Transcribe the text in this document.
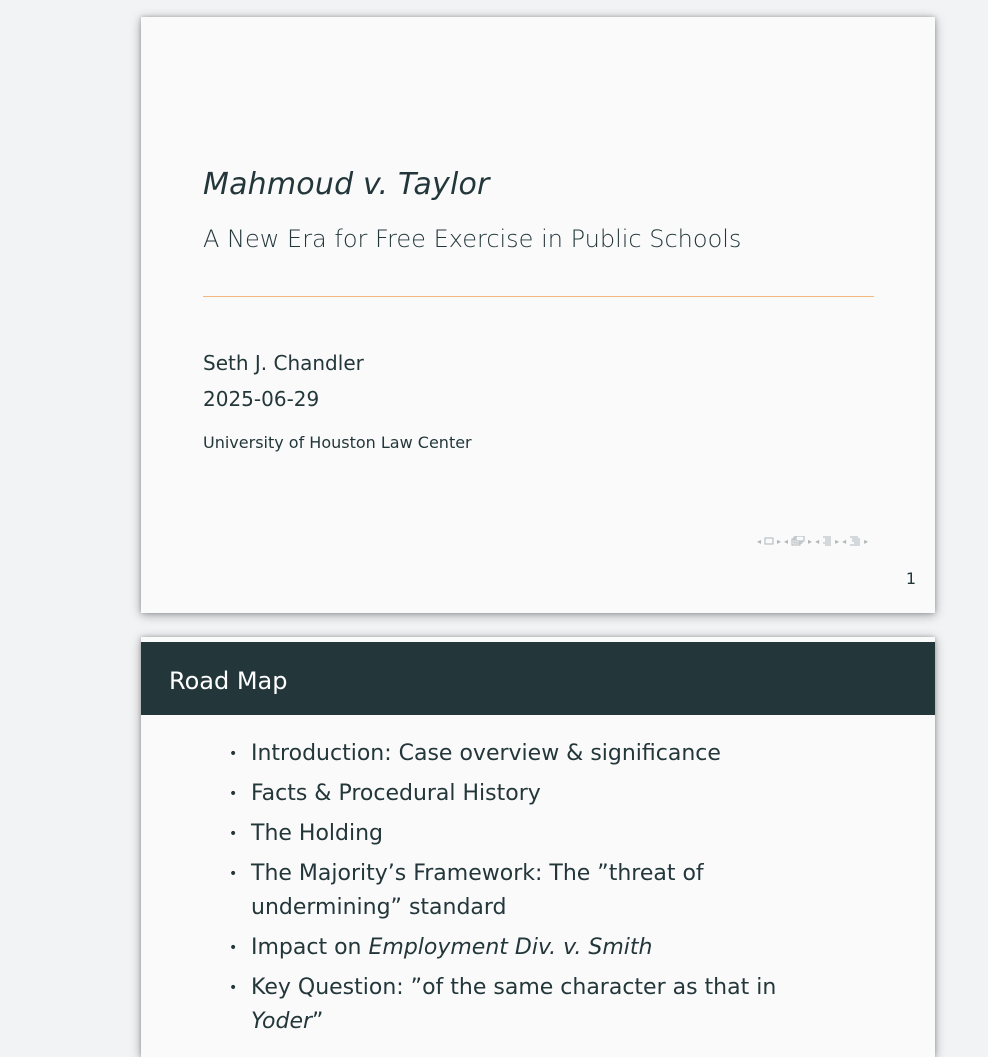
Mahmoud v. Taylor
A New Era for Free Exercise in Public Schools
Seth J. Chandler
2025-06-29
University of Houston Law Center
◂ ▸ ◂	▸ ◂ ▸ ◂ ▸
1
Road Map
• Introduction: Case overview & significance
• Facts & Procedural History
• The Holding
• The Majority’s Framework: The ”threat of undermining” standard
• Impact on Employment Div. v. Smith
• Key Question: ”of the same character as that in Yoder”
